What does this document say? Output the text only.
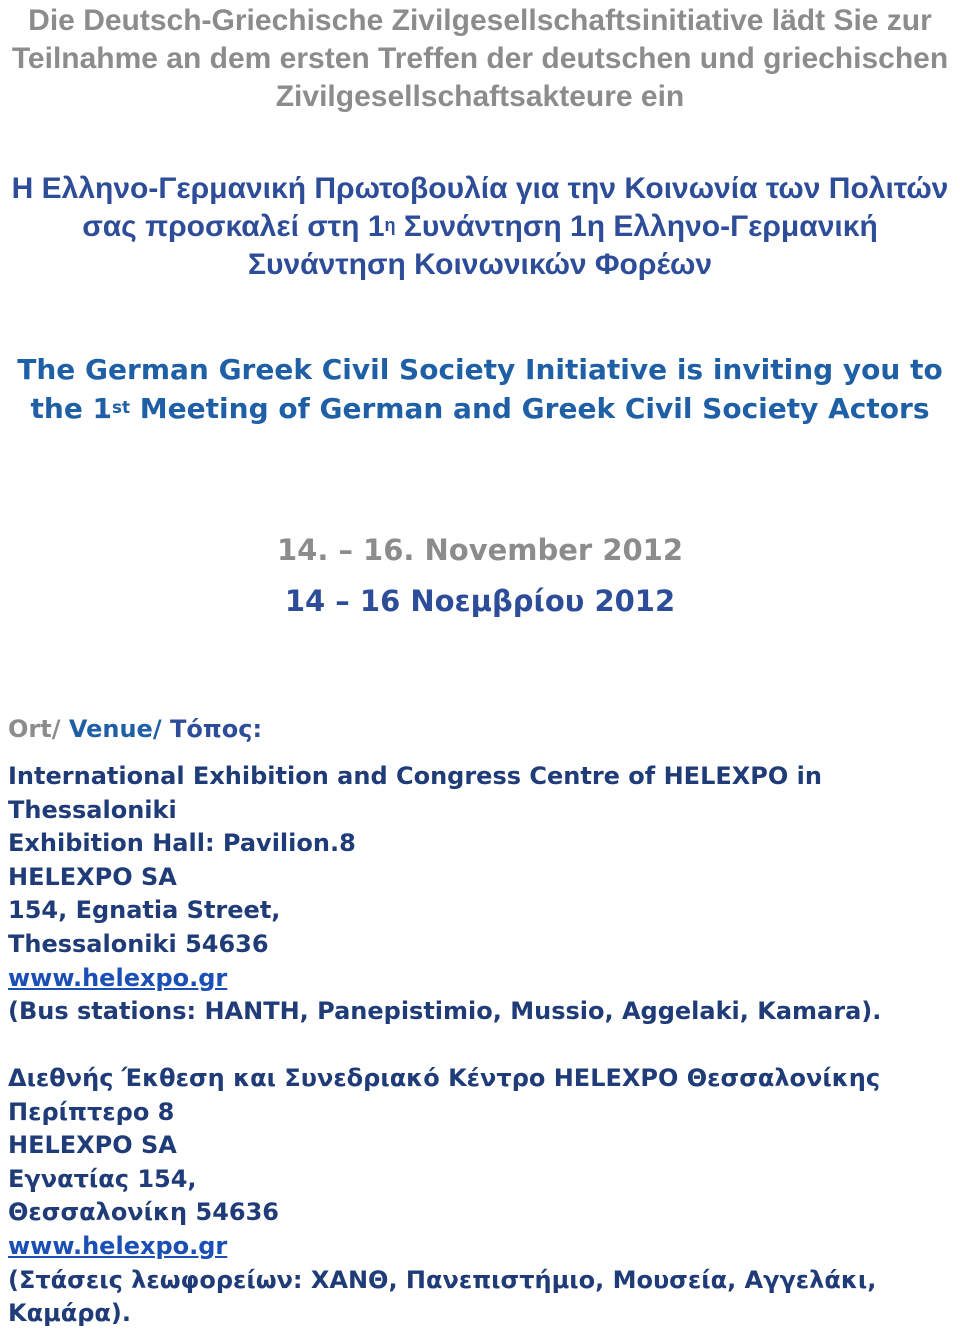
Die Deutsch-Griechische Zivilgesellschaftsinitiative lädt Sie zur Teilnahme an dem ersten Treffen der deutschen und griechischen Zivilgesellschaftsakteure ein
Η Ελληνο-Γερμανική Πρωτοβουλία για την Κοινωνία των Πολιτών σας προσκαλεί στη $1^\eta$ Συνάντηση 1η Ελληνο-Γερμανική Συνάντηση Κοινωνικών Φορέων
The German Greek Civil Society Initiative is inviting you to the 1st Meeting of German and Greek Civil Society Actors
14. – 16. November 2012
14 – 16 Νοεμβρίου 2012
Ort/ Venue/ Τόπος:
International Exhibition and Congress Centre of HELEXPO in Thessaloniki
Exhibition Hall: Pavilion.8
HELEXPO SA
154, Egnatia Street,
Thessaloniki 54636
www.helexpo.gr
(Bus stations: HANTH, Panepistimio, Mussio, Aggelaki, Kamara).
Διεθνής Έκθεση και Συνεδριακό Κέντρο HELEXPO Θεσσαλονίκης
Περίπτερο 8
HELEXPO SA
Εγνατίας 154,
Θεσσαλονίκη 54636
www.helexpo.gr
(Στάσεις λεωφορείων: ΧΑΝΘ, Πανεπιστήμιο, Μουσεία, Αγγελάκι, Καμάρα).
